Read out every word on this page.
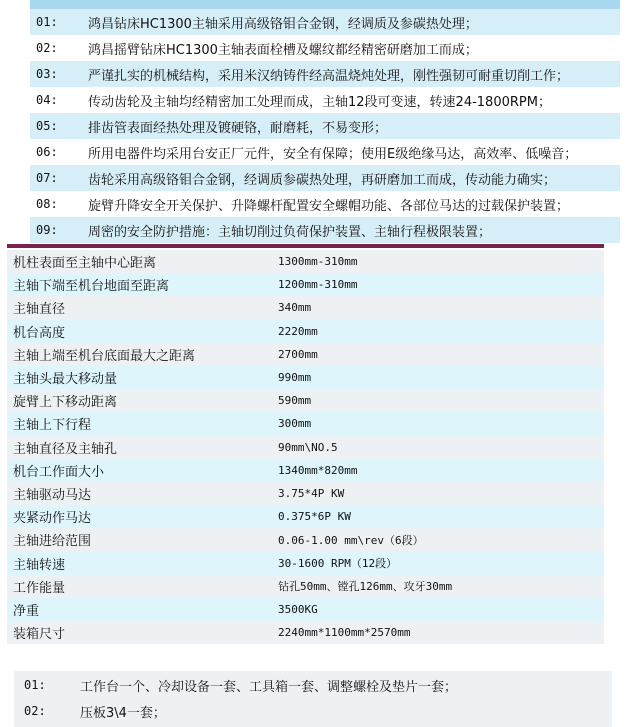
01:	鸿昌钻床HC1300主轴采用高级铬钼合金钢，经调质及参碳热处理；
02:	鸿昌摇臂钻床HC1300主轴表面栓槽及螺纹都经精密研磨加工而成；
03:	严谨扎实的机械结构，采用米汉纳铸件经高温烧炖处理，刚性强韧可耐重切削工作；
04:	传动齿轮及主轴均经精密加工处理而成，主轴12段可变速，转速24-1800RPM；
05:	排齿管表面经热处理及镀硬铬，耐磨耗，不易变形；
06:	所用电器件均采用台安正厂元件，安全有保障；使用E级绝缘马达，高效率、低噪音；
07:	齿轮采用高级铬钼合金钢，经调质参碳热处理，再研磨加工而成，传动能力确实；
08:	旋臂升降安全开关保护、升降螺杆配置安全螺帽功能、各部位马达的过载保护装置；
09:	周密的安全防护措施：主轴切削过负荷保护装置、主轴行程极限装置；
机柱表面至主轴中心距离	1300mm-310mm
主轴下端至机台地面至距离	1200mm-310mm
主轴直径	340mm
机台高度	2220mm
主轴上端至机台底面最大之距离	2700mm
主轴头最大移动量	990mm
旋臂上下移动距离	590mm
主轴上下行程	300mm
主轴直径及主轴孔	90mm\NO.5
机台工作面大小	1340mm*820mm
主轴驱动马达	3.75*4P KW
夹紧动作马达	0.375*6P KW
主轴进给范围	0.06-1.00 mm\rev（6段）
主轴转速	30-1600 RPM（12段）
工作能量	钻孔50mm、镗孔126mm、攻牙30mm
净重	3500KG
装箱尺寸	2240mm*1100mm*2570mm
01:	工作台一个、冷却设备一套、工具箱一套、调整螺栓及垫片一套；
02:	压板3\4一套；
